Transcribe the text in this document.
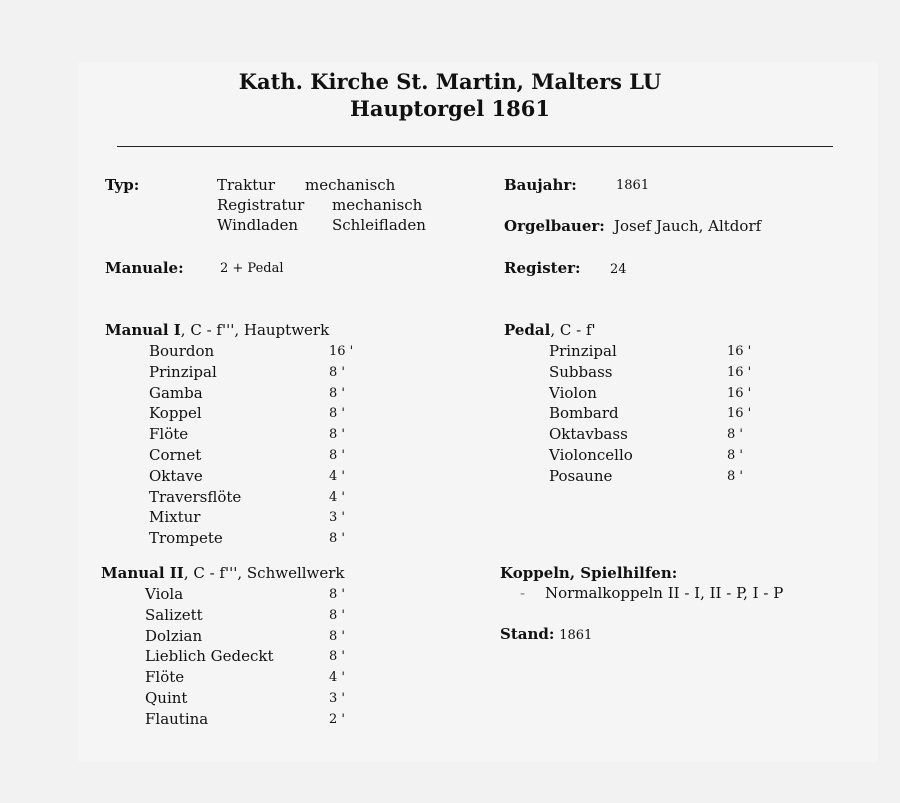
Kath. Kirche St. Martin, Malters LU
Hauptorgel 1861
Typ:	Traktur mechanisch
Registratur mechanisch
Windladen Schleifladen
Baujahr:	1861
Orgelbauer: Josef Jauch, Altdorf
Manuale:	2 + Pedal	Register: 24
Manual I, C - f''', Hauptwerk
Bourdon	16 '
Prinzipal	8 '
Gamba	8 '
Koppel	8 '
Flöte	8 '
Cornet	8 '
Oktave	4 '
Traversflöte	4 '
Mixtur	3 '
Trompete	8 '
Pedal, C - f'
Prinzipal	16 '
Subbass	16 '
Violon	16 '
Bombard	16 '
Oktavbass	8 '
Violoncello	8 '
Posaune	8 '
Manual II, C - f''', Schwellwerk
Viola	8 '
Salizett	8 '
Dolzian	8 '
Lieblich Gedeckt	8 '
Flöte	4 '
Quint	3 '
Flautina	2 '
Koppeln, Spielhilfen:
- Normalkoppeln II - I, II - P, I - P
Stand: 1861
